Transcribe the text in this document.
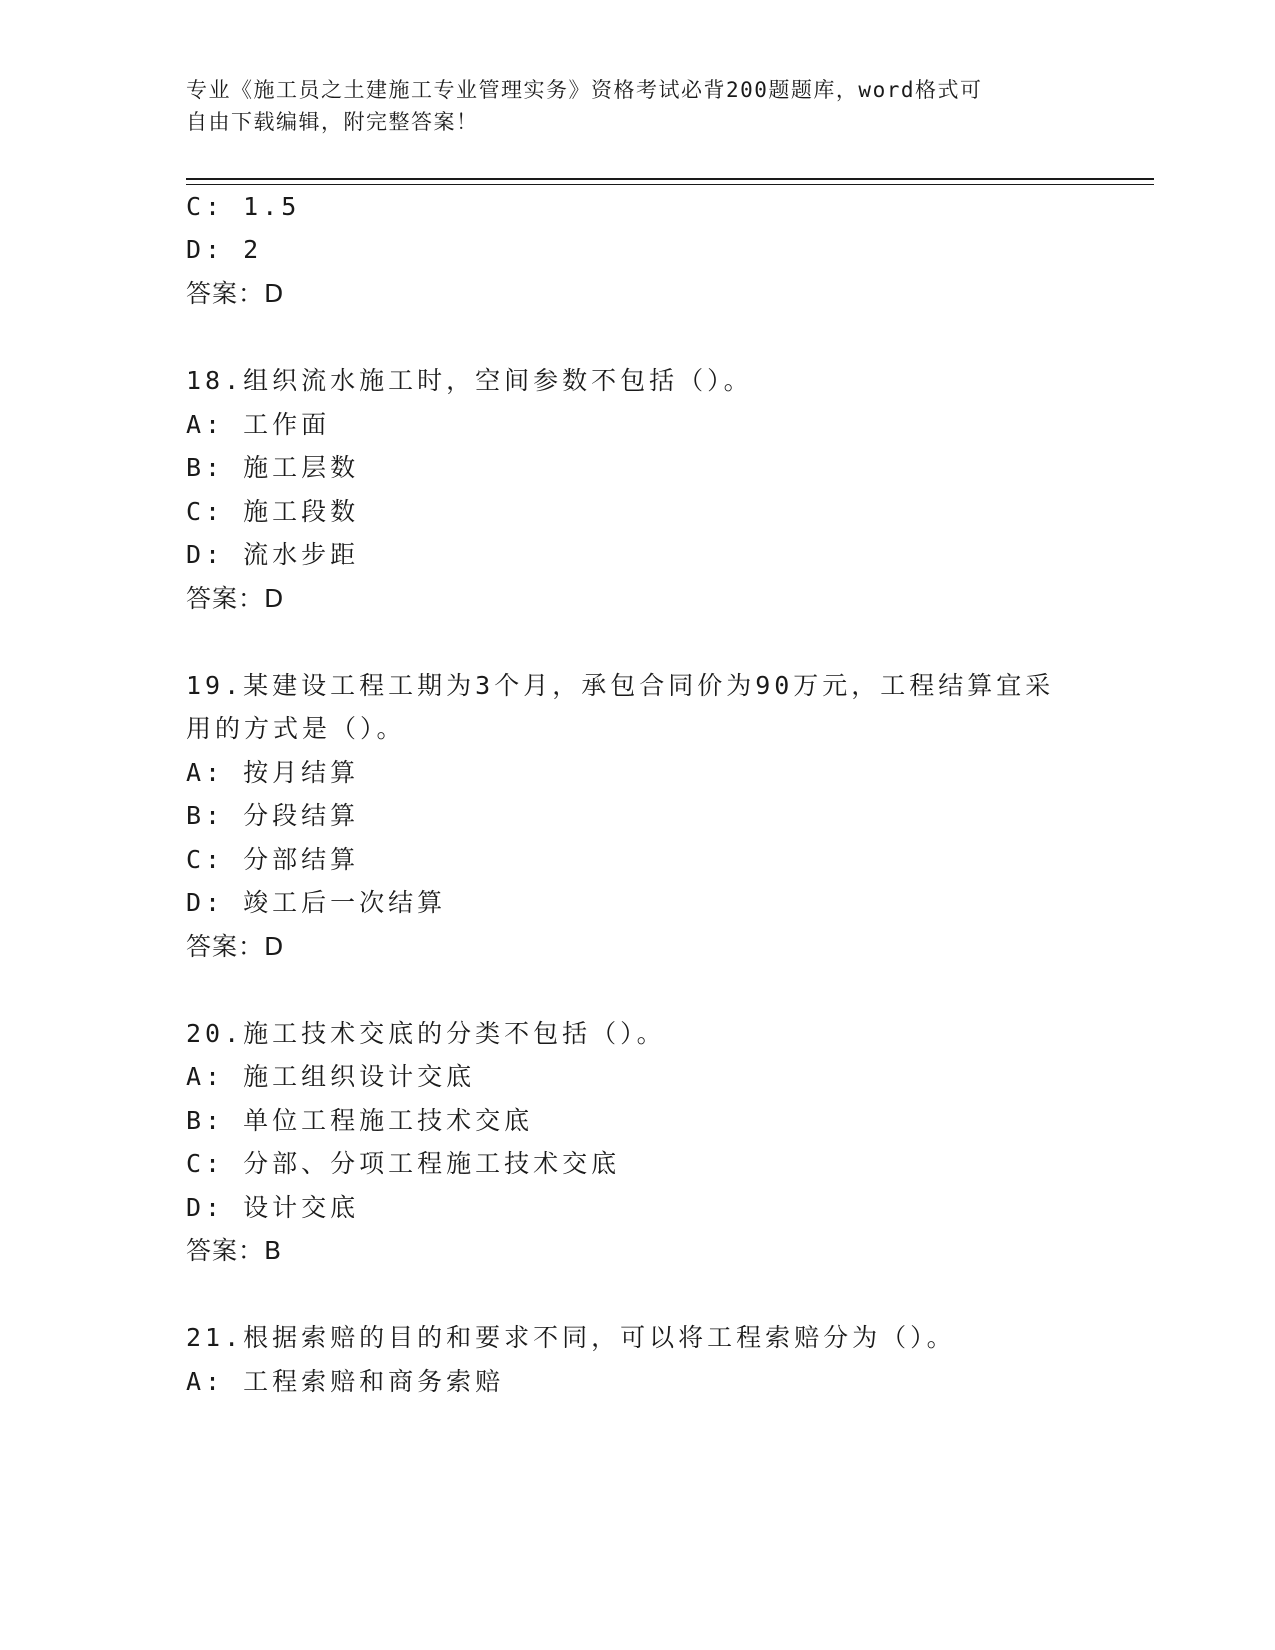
专业《施工员之土建施工专业管理实务》资格考试必背200题题库，word格式可
自由下载编辑，附完整答案！
C: 1.5
D: 2
答案：D
18.组织流水施工时，空间参数不包括（）。
A: 工作面
B: 施工层数
C: 施工段数
D: 流水步距
答案：D
19.某建设工程工期为3个月，承包合同价为90万元，工程结算宜采
用的方式是（）。
A: 按月结算
B: 分段结算
C: 分部结算
D: 竣工后一次结算
答案：D
20.施工技术交底的分类不包括（）。
A: 施工组织设计交底
B: 单位工程施工技术交底
C: 分部、分项工程施工技术交底
D: 设计交底
答案：B
21.根据索赔的目的和要求不同，可以将工程索赔分为（）。
A: 工程索赔和商务索赔
